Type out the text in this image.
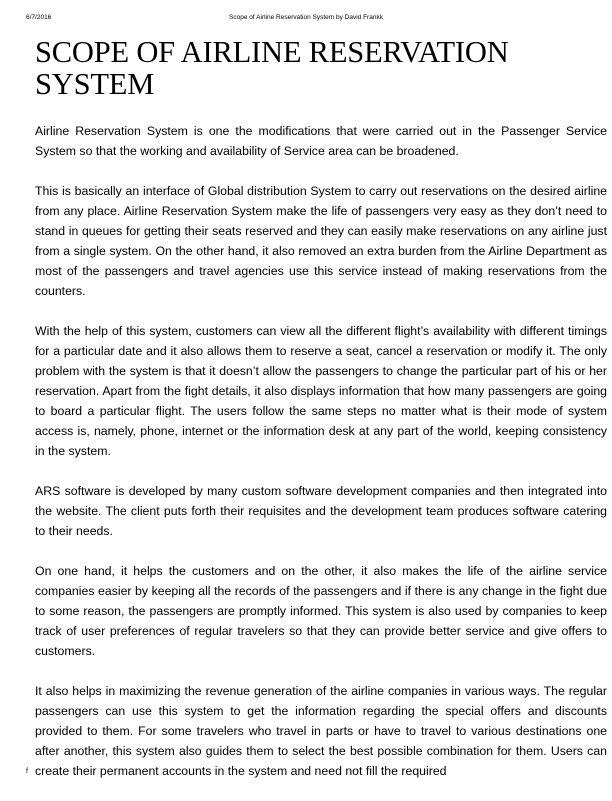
6/7/2016	Scope of Airline Reservation System by David Frankk
SCOPE OF AIRLINE RESERVATION SYSTEM

Airline Reservation System is one the modifications that were carried out in the Passenger Service System so that the working and availability of Service area can be broadened.

This is basically an interface of Global distribution System to carry out reservations on the desired airline from any place. Airline Reservation System make the life of passengers very easy as they don’t need to stand in queues for getting their seats reserved and they can easily make reservations on any airline just from a single system. On the other hand, it also removed an extra burden from the Airline Department as most of the passengers and travel agencies use this service instead of making reservations from the counters.

With the help of this system, customers can view all the different flight’s availability with different timings for a particular date and it also allows them to reserve a seat, cancel a reservation or modify it. The only problem with the system is that it doesn’t allow the passengers to change the particular part of his or her reservation. Apart from the fight details, it also displays information that how many passengers are going to board a particular flight. The users follow the same steps no matter what is their mode of system access is, namely, phone, internet or the information desk at any part of the world, keeping consistency in the system.

ARS software is developed by many custom software development companies and then integrated into the website. The client puts forth their requisites and the development team produces software catering to their needs.

On one hand, it helps the customers and on the other, it also makes the life of the airline service companies easier by keeping all the records of the passengers and if there is any change in the fight due to some reason, the passengers are promptly informed. This system is also used by companies to keep track of user preferences of regular travelers so that they can provide better service and give offers to customers.

It also helps in maximizing the revenue generation of the airline companies in various ways. The regular passengers can use this system to get the information regarding the special offers and discounts provided to them. For some travelers who travel in parts or have to travel to various destinations one after another, this system also guides them to select the best possible combination for them. Users can create their permanent accounts in the system and need not fill the required

f
